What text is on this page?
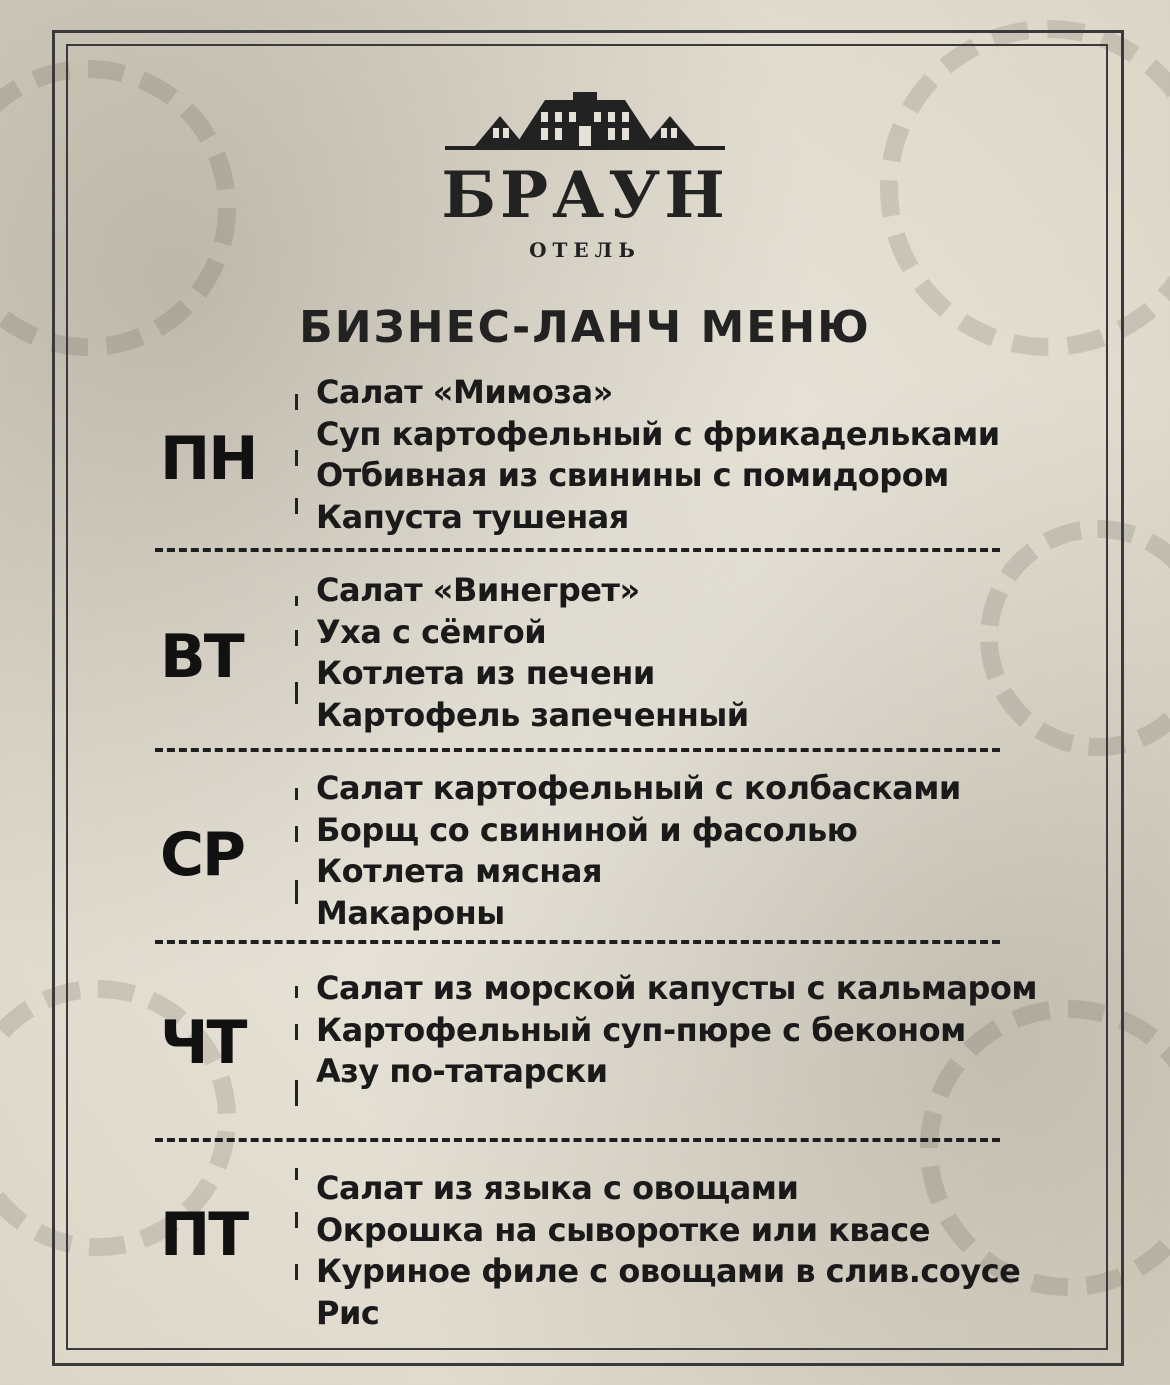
БРАУН
ОТЕЛЬ
БИЗНЕС-ЛАНЧ МЕНЮ
ПН
Салат «Мимоза»
Суп картофельный с фрикадельками
Отбивная из свинины с помидором
Капуста тушеная
ВТ
Салат «Винегрет»
Уха с сёмгой
Котлета из печени
Картофель запеченный
СР
Салат картофельный с колбасками
Борщ со свининой и фасолью
Котлета мясная
Макароны
ЧТ
Салат из морской капусты с кальмаром
Картофельный суп-пюре с беконом
Азу по-татарски
ПТ
Салат из языка с овощами
Окрошка на сыворотке или квасе
Куриное филе с овощами в слив.соусе
Рис
